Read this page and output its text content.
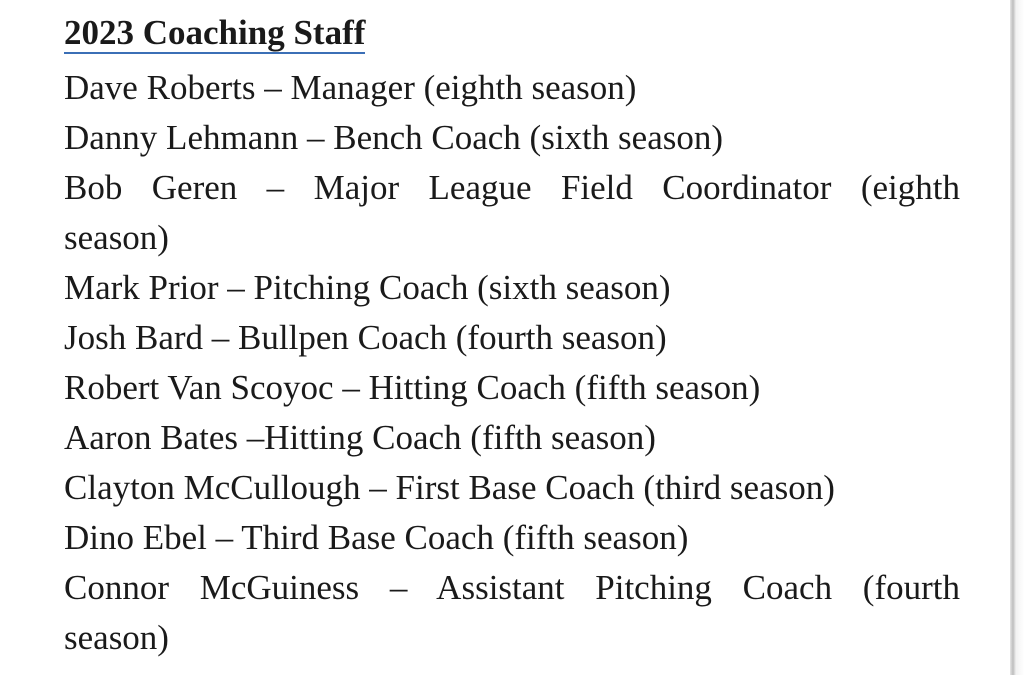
2023 Coaching Staff
Dave Roberts – Manager (eighth season)
Danny Lehmann – Bench Coach (sixth season)
Bob Geren – Major League Field Coordinator (eighth
season)
Mark Prior – Pitching Coach (sixth season)
Josh Bard – Bullpen Coach (fourth season)
Robert Van Scoyoc – Hitting Coach (fifth season)
Aaron Bates –Hitting Coach (fifth season)
Clayton McCullough – First Base Coach (third season)
Dino Ebel – Third Base Coach (fifth season)
Connor McGuiness – Assistant Pitching Coach (fourth
season)
